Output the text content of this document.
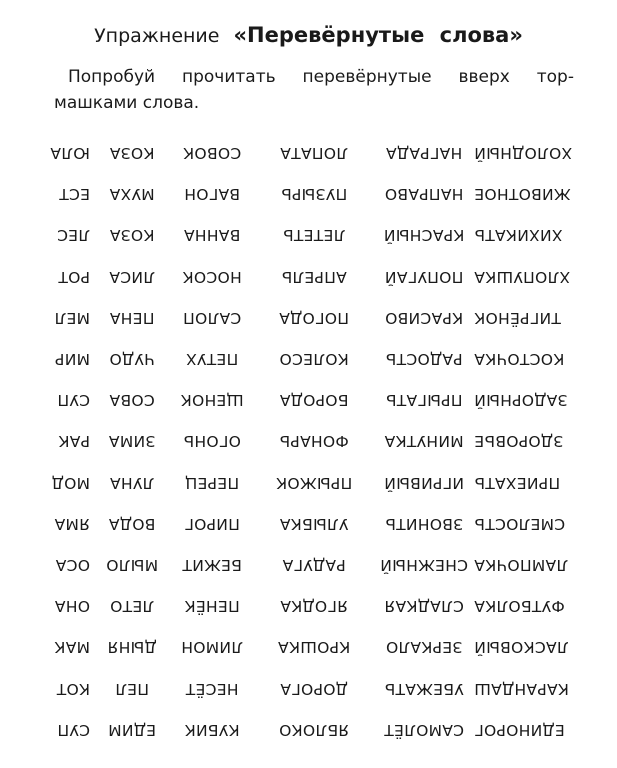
Упражнение «Перевёрнутые слова»
Попробуй прочитать перевёрнутые вверх тор-
машками слова.
ХОЛОДНЫЙ
НАГРАДА
ЛОПАТА
СОВОК
КОЗА
ЮЛА
ЖИВОТНОЕ
НАПРАВО
ПУЗЫРЬ
ВАГОН
МУХА
ЕСТ
ХИХИКАТЬ
КРАСНЫЙ
ЛЕТЕТЬ
ВАННА
КОЗА
ЛЕС
ХЛОПУШКА
ПОПУГАЙ
АПРЕЛЬ
НОСОК
ЛИСА
РОТ
ТИГРЁНОК
КРАСИВО
ПОГОДА
САЛОП
ПЕНА
МЕЛ
КОСТОЧКА
РАДОСТЬ
КОЛЕСО
ПЕТУХ
ЧУДО
МИР
ЗАДОРНЫЙ
ПРЫГАТЬ
БОРОДА
ЩЕНОК
СОВА
СУП
ЗДОРОВЬЕ
МИНУТКА
ФОНАРЬ
ОГОНЬ
ЗИМА
РАК
ПРИЕХАТЬ
ИГРИВЫЙ
ПРЫЖОК
ПЕРЕЦ
ЛУНА
МОД
СМЕЛОСТЬ
ЗВОНИТЬ
УЛЫБКА
ПИРОГ
ВОДА
ЯМА
ЛАМПОЧКА
СНЕЖНЫЙ
РАДУГА
БЕЖИТ
МЫЛО
ОСА
ФУТБОЛКА
СЛАДКАЯ
ЯГОДКА
ПЕНЁК
ЛЕТО
ОНА
ЛАСКОВЫЙ
ЗЕРКАЛО
КРОШКА
ЛИМОН
ДЫНЯ
МАК
КАРАНДАШ
УБЕЖАТЬ
ДОРОГА
НЕСЁТ
ПЕЛ
КОТ
ЕДИНОРОГ
САМОЛЁТ
ЯБЛОКО
КУБИК
ЕДИМ
СУП
